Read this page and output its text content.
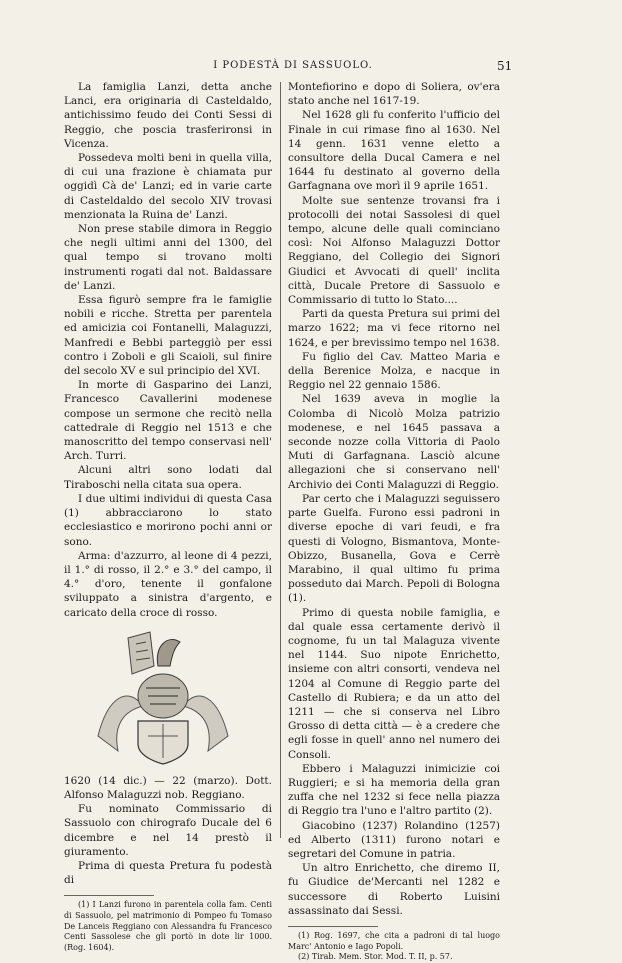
I PODESTÀ DI SASSUOLO.	51

La famiglia Lanzi, detta anche Lanci, era originaria di Casteldaldo, antichissimo feudo dei Conti Sessi di Reggio, che poscia trasferironsi in Vicenza.

Possedeva molti beni in quella villa, di cui una frazione è chiamata pur oggidì Cà de' Lanzi; ed in varie carte di Casteldaldo del secolo XIV trovasi menzionata la Ruina de' Lanzi.

Non prese stabile dimora in Reggio che negli ultimi anni del 1300, del qual tempo si trovano molti instrumenti rogati dal not. Baldassare de' Lanzi.

Essa figurò sempre fra le famiglie nobili e ricche. Stretta per parentela ed amicizia coi Fontanelli, Malaguzzi, Manfredi e Bebbi parteggiò per essi contro i Zoboli e gli Scaioli, sul finire del secolo XV e sul principio del XVI.

In morte di Gasparino dei Lanzi, Francesco Cavallerini modenese compose un sermone che recitò nella cattedrale di Reggio nel 1513 e che manoscritto del tempo conservasi nell' Arch. Turri.

Alcuni altri sono lodati dal Tiraboschi nella citata sua opera.

I due ultimi individui di questa Casa (1) abbracciarono lo stato ecclesiastico e morirono pochi anni or sono.

Arma: d'azzurro, al leone di 4 pezzi, il 1.° di rosso, il 2.° e 3.° del campo, il 4.° d'oro, tenente il gonfalone sviluppato a sinistra d'argento, e caricato della croce di rosso.

1620 (14 dic.) — 22 (marzo). Dott. Alfonso Malaguzzi nob. Reggiano.

Fu nominato Commissario di Sassuolo con chirografo Ducale del 6 dicembre e nel 14 prestò il giuramento.

Prima di questa Pretura fu podestà di

(1) I Lanzi furono in parentela colla fam. Centi di Sassuolo, pel matrimonio di Pompeo fu Tomaso De Lanceis Reggiano con Alessandra fu Francesco Centi Sassolese che gli portò in dote lir 1000. (Rog. 1604).

Montefiorino e dopo di Soliera, ov'era stato anche nel 1617-19.

Nel 1628 gli fu conferito l'ufficio del Finale in cui rimase fino al 1630. Nel 14 genn. 1631 venne eletto a consultore della Ducal Camera e nel 1644 fu destinato al governo della Garfagnana ove morì il 9 aprile 1651.

Molte sue sentenze trovansi fra i protocolli dei notai Sassolesi di quel tempo, alcune delle quali cominciano così: Noi Alfonso Malaguzzi Dottor Reggiano, del Collegio dei Signori Giudici et Avvocati di quell' inclita città, Ducale Pretore di Sassuolo e Commissario di tutto lo Stato....

Parti da questa Pretura sui primi del marzo 1622; ma vi fece ritorno nel 1624, e per brevissimo tempo nel 1638.

Fu figlio del Cav. Matteo Maria e della Berenice Molza, e nacque in Reggio nel 22 gennaio 1586.

Nel 1639 aveva in moglie la Colomba di Nicolò Molza patrizio modenese, e nel 1645 passava a seconde nozze colla Vittoria di Paolo Muti di Garfagnana. Lasciò alcune allegazioni che si conservano nell' Archivio dei Conti Malaguzzi di Reggio.

Par certo che i Malaguzzi seguissero parte Guelfa. Furono essi padroni in diverse epoche di vari feudi, e fra questi di Vologno, Bismantova, Monte-Obizzo, Busanella, Gova e Cerrè Marabino, il qual ultimo fu prima posseduto dai March. Pepoli di Bologna (1).

Primo di questa nobile famiglia, e dal quale essa certamente derivò il cognome, fu un tal Malaguza vivente nel 1144. Suo nipote Enrichetto, insieme con altri consorti, vendeva nel 1204 al Comune di Reggio parte del Castello di Rubiera; e da un atto del 1211 — che si conserva nel Libro Grosso di detta città — è a credere che egli fosse in quell' anno nel numero dei Consoli.

Ebbero i Malaguzzi inimicizie coi Ruggieri; e si ha memoria della gran zuffa che nel 1232 si fece nella piazza di Reggio tra l'uno e l'altro partito (2).

Giacobino (1237) Rolandino (1257) ed Alberto (1311) furono notari e segretari del Comune in patria.

Un altro Enrichetto, che diremo II, fu Giudice de'Mercanti nel 1282 e successore di Roberto Luisini assassinato dai Sessi.

(1) Rog. 1697, che cita a padroni di tal luogo Marc' Antonio e Iago Popoli.

(2) Tirab. Mem. Stor. Mod. T. II, p. 57.
